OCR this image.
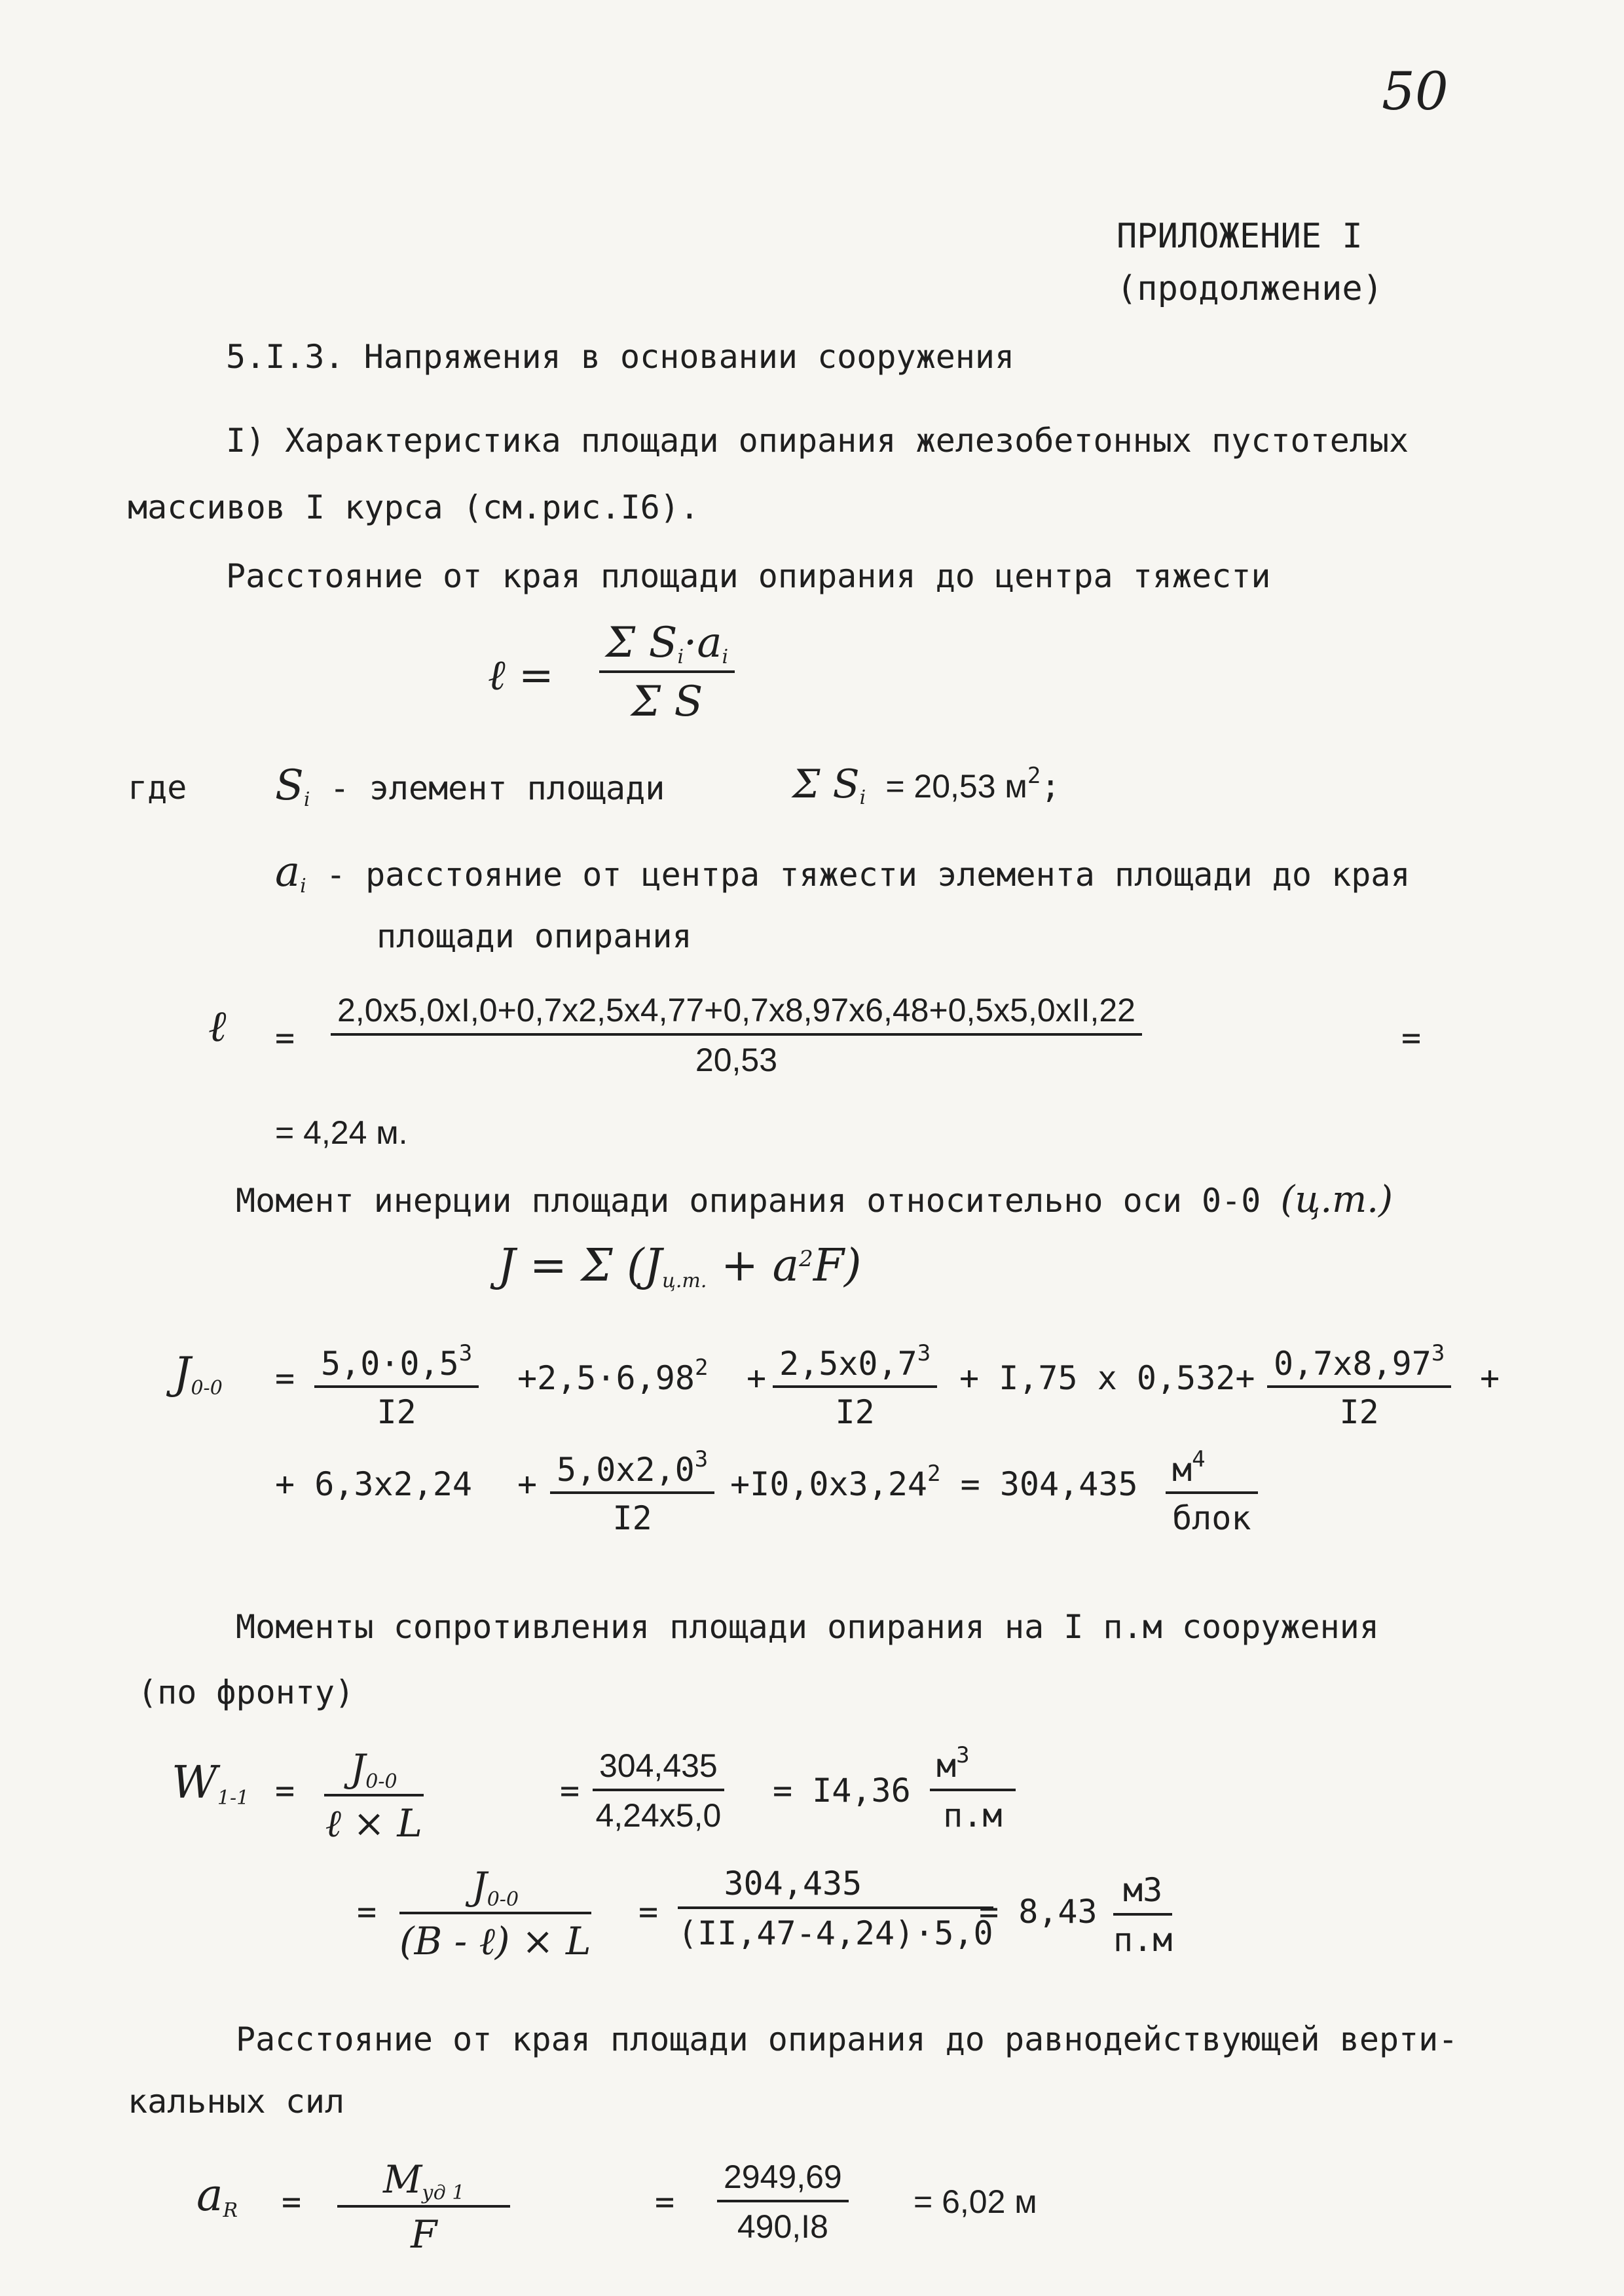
50
ПРИЛОЖЕНИЕ I
(продолжение)
5.I.3. Напряжения в основании сооружения
I) Характеристика площади опирания железобетонных пустотелых
массивов I курса (см.рис.I6).
Расстояние от края площади опирания до центра тяжести
ℓ =
Σ $S_i\cdot a_i$
Σ S
где $S_i$ - элемент площади	Σ $S_i = 20,53$ $м^2$;
$a_i$ - расстояние от центра тяжести элемента площади до края
площади опирания
ℓ =
2,0x5,0xI,0+0,7x2,5x4,77+0,7x8,97x6,48+0,5x5,0xII,22
20,53
=
= 4,24 м.
Момент инерции площади опирания относительно оси 0-0 (ц.т.)
J = Σ $(J_{ц.т.} + a^2F)$
$J_{0-0} = \frac{5,0\cdot 0,5^3}{I2} +2,5\cdot 6,98^2 + \frac{2,5x0,7^3}{I2} + I,75$ x $0,532+ \frac{0,7x8,97^3}{I2}$ +
+ $6,3x2,24 + \frac{5,0x2,0^3}{I2} +I0,0x3,24^2 = 304,435$ $м^4$
блок
Моменты сопротивления площади опирания на I п.м сооружения
(по фронту)
$W_{1-1}$ =	$J_{0-0}$
ℓ × L
=
304,435
4,24x5,0
= I4,36
$м^3$
п.м
=
$J_{0-0}$
(B - ℓ) × L
=
304,435
(II,47-4,24)·5,0
= 8,43
м3
п.м
Расстояние от края площади опирания до равнодействующей верти-
кальных сил
$a_R$ =	$M_{уд 1}$
F
=
2949,69
490,I8
= 6,02 м
